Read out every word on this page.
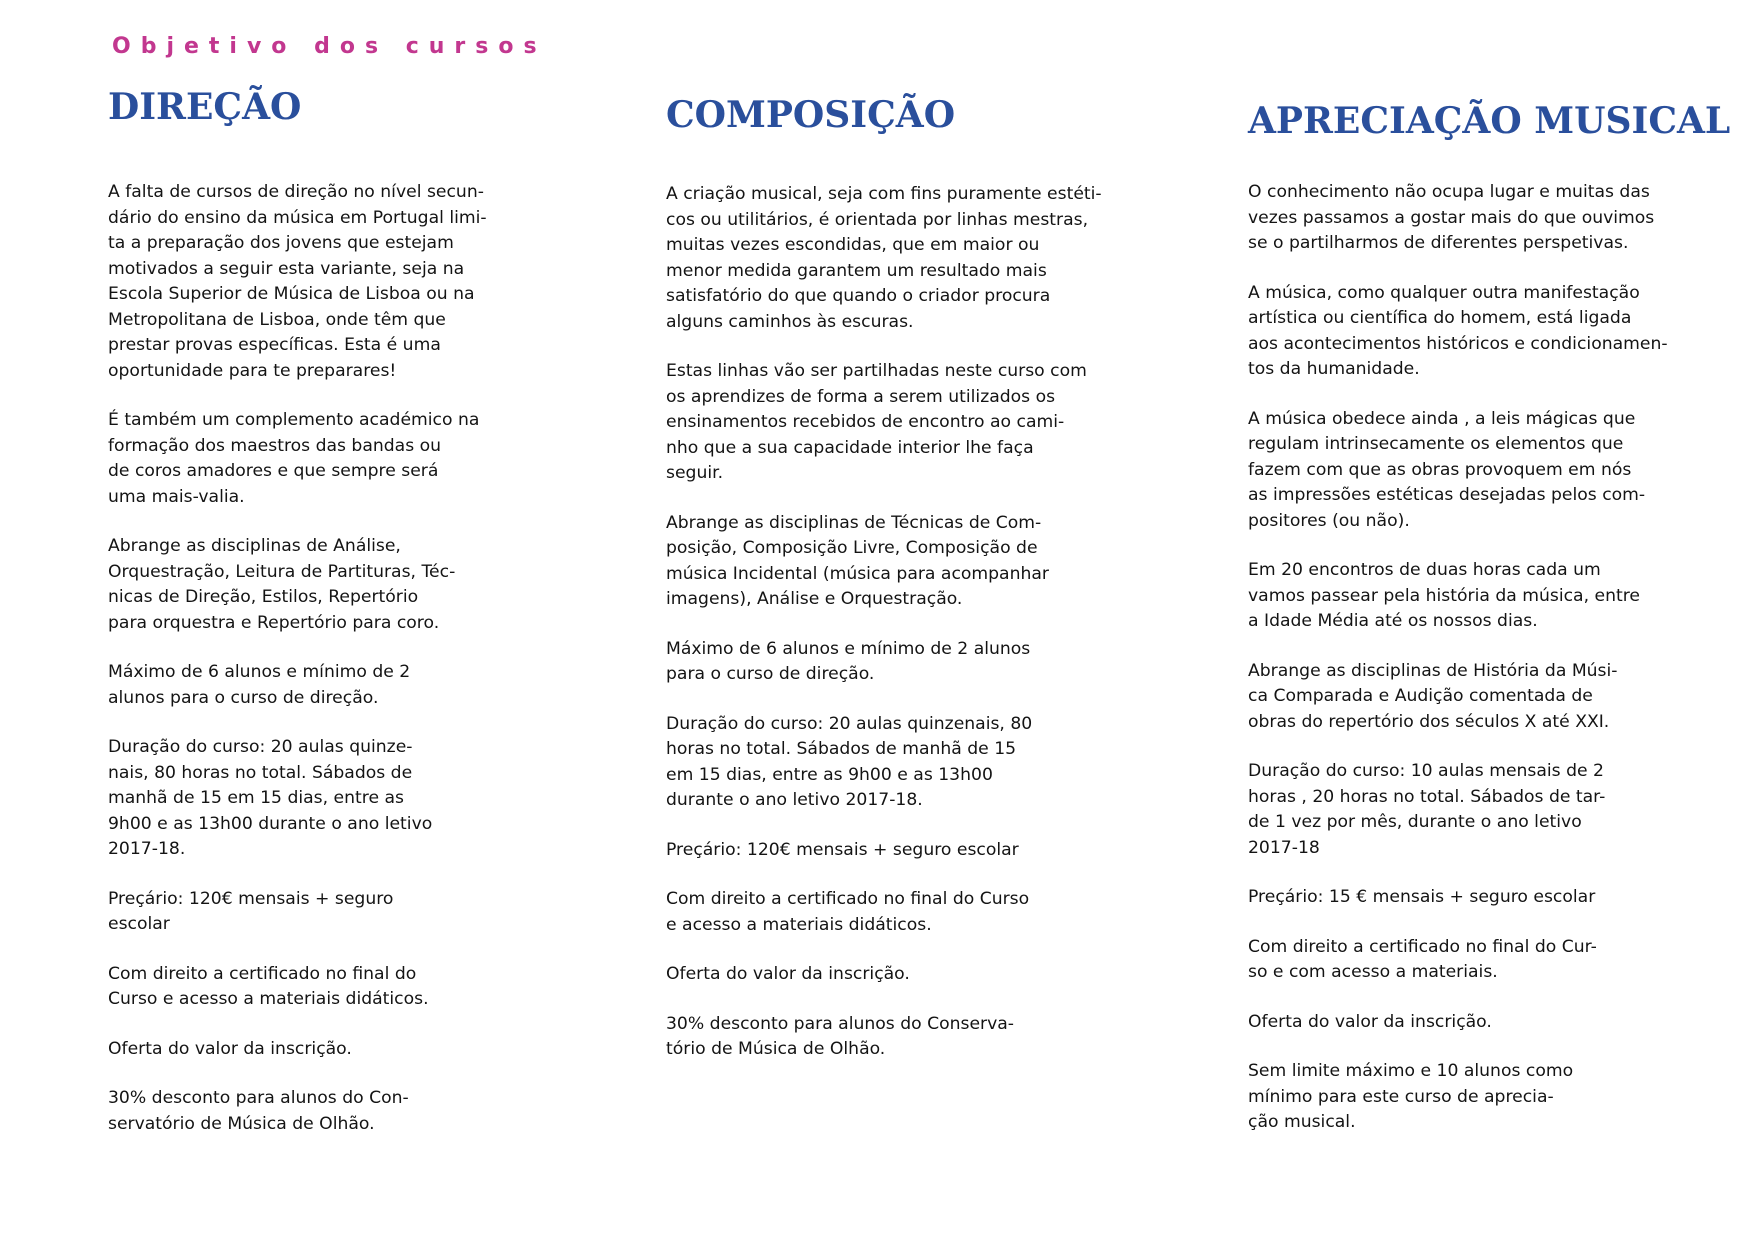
Objetivo dos cursos
DIREÇÃO

A falta de cursos de direção no nível secun-
dário do ensino da música em Portugal limi-
ta a preparação dos jovens que estejam
motivados a seguir esta variante, seja na
Escola Superior de Música de Lisboa ou na
Metropolitana de Lisboa, onde têm que
prestar provas específicas. Esta é uma
oportunidade para te preparares!

É também um complemento académico na
formação dos maestros das bandas ou
de coros amadores e que sempre será
uma mais-valia.

Abrange as disciplinas de Análise,
Orquestração, Leitura de Partituras, Téc-
nicas de Direção, Estilos, Repertório
para orquestra e Repertório para coro.

Máximo de 6 alunos e mínimo de 2
alunos para o curso de direção.

Duração do curso: 20 aulas quinze-
nais, 80 horas no total. Sábados de
manhã de 15 em 15 dias, entre as
9h00 e as 13h00 durante o ano letivo
2017-18.

Preçário: 120€ mensais + seguro
escolar

Com direito a certificado no final do
Curso e acesso a materiais didáticos.

Oferta do valor da inscrição.

30% desconto para alunos do Con-
servatório de Música de Olhão.

COMPOSIÇÃO

A criação musical, seja com fins puramente estéti-
cos ou utilitários, é orientada por linhas mestras,
muitas vezes escondidas, que em maior ou
menor medida garantem um resultado mais
satisfatório do que quando o criador procura
alguns caminhos às escuras.

Estas linhas vão ser partilhadas neste curso com
os aprendizes de forma a serem utilizados os
ensinamentos recebidos de encontro ao cami-
nho que a sua capacidade interior lhe faça
seguir.

Abrange as disciplinas de Técnicas de Com-
posição, Composição Livre, Composição de
música Incidental (música para acompanhar
imagens), Análise e Orquestração.

Máximo de 6 alunos e mínimo de 2 alunos
para o curso de direção.

Duração do curso: 20 aulas quinzenais, 80
horas no total. Sábados de manhã de 15
em 15 dias, entre as 9h00 e as 13h00
durante o ano letivo 2017-18.

Preçário: 120€ mensais + seguro escolar

Com direito a certificado no final do Curso
e acesso a materiais didáticos.

Oferta do valor da inscrição.

30% desconto para alunos do Conserva-
tório de Música de Olhão.

APRECIAÇÃO MUSICAL

O conhecimento não ocupa lugar e muitas das
vezes passamos a gostar mais do que ouvimos
se o partilharmos de diferentes perspetivas.

A música, como qualquer outra manifestação
artística ou científica do homem, está ligada
aos acontecimentos históricos e condicionamen-
tos da humanidade.

A música obedece ainda , a leis mágicas que
regulam intrinsecamente os elementos que
fazem com que as obras provoquem em nós
as impressões estéticas desejadas pelos com-
positores (ou não).

Em 20 encontros de duas horas cada um
vamos passear pela história da música, entre
a Idade Média até os nossos dias.

Abrange as disciplinas de História da Músi-
ca Comparada e Audição comentada de
obras do repertório dos séculos X até XXI.

Duração do curso: 10 aulas mensais de 2
horas , 20 horas no total. Sábados de tar-
de 1 vez por mês, durante o ano letivo
2017-18

Preçário: 15 € mensais + seguro escolar

Com direito a certificado no final do Cur-
so e com acesso a materiais.

Oferta do valor da inscrição.

Sem limite máximo e 10 alunos como
mínimo para este curso de aprecia-
ção musical.
